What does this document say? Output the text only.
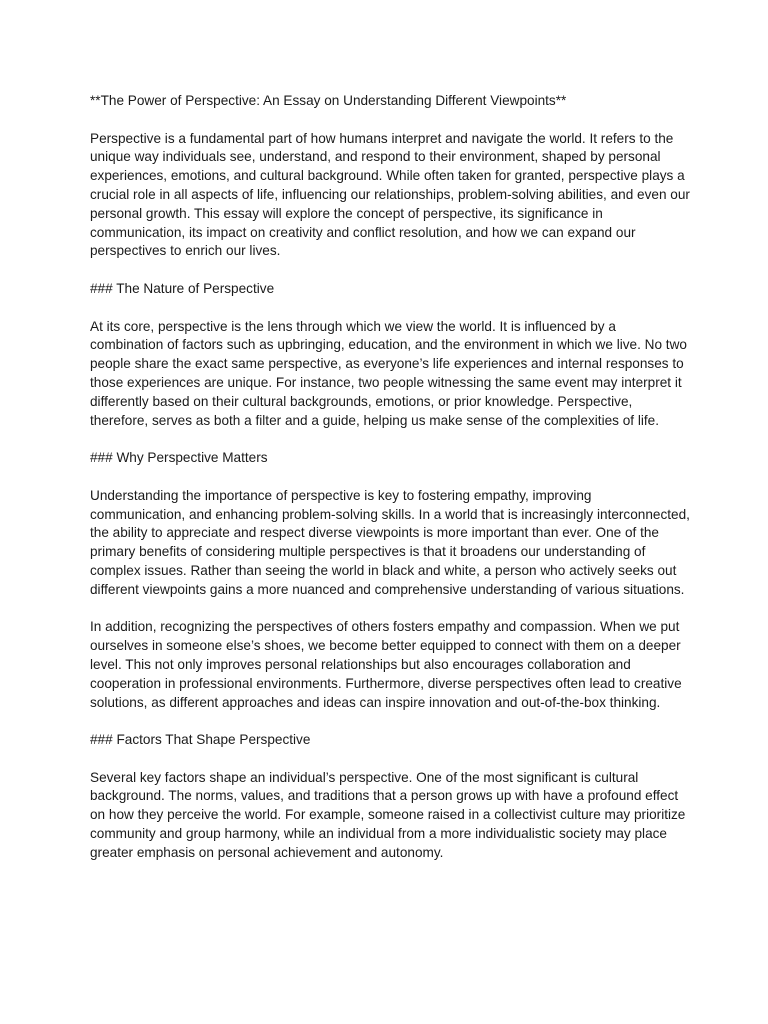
**The Power of Perspective: An Essay on Understanding Different Viewpoints**

Perspective is a fundamental part of how humans interpret and navigate the world. It refers to the unique way individuals see, understand, and respond to their environment, shaped by personal experiences, emotions, and cultural background. While often taken for granted, perspective plays a crucial role in all aspects of life, influencing our relationships, problem-solving abilities, and even our personal growth. This essay will explore the concept of perspective, its significance in communication, its impact on creativity and conflict resolution, and how we can expand our perspectives to enrich our lives.

### The Nature of Perspective

At its core, perspective is the lens through which we view the world. It is influenced by a combination of factors such as upbringing, education, and the environment in which we live. No two people share the exact same perspective, as everyone’s life experiences and internal responses to those experiences are unique. For instance, two people witnessing the same event may interpret it differently based on their cultural backgrounds, emotions, or prior knowledge. Perspective, therefore, serves as both a filter and a guide, helping us make sense of the complexities of life.

### Why Perspective Matters

Understanding the importance of perspective is key to fostering empathy, improving communication, and enhancing problem-solving skills. In a world that is increasingly interconnected, the ability to appreciate and respect diverse viewpoints is more important than ever. One of the primary benefits of considering multiple perspectives is that it broadens our understanding of complex issues. Rather than seeing the world in black and white, a person who actively seeks out different viewpoints gains a more nuanced and comprehensive understanding of various situations.

In addition, recognizing the perspectives of others fosters empathy and compassion. When we put ourselves in someone else’s shoes, we become better equipped to connect with them on a deeper level. This not only improves personal relationships but also encourages collaboration and cooperation in professional environments. Furthermore, diverse perspectives often lead to creative solutions, as different approaches and ideas can inspire innovation and out-of-the-box thinking.

### Factors That Shape Perspective

Several key factors shape an individual’s perspective. One of the most significant is cultural background. The norms, values, and traditions that a person grows up with have a profound effect on how they perceive the world. For example, someone raised in a collectivist culture may prioritize community and group harmony, while an individual from a more individualistic society may place greater emphasis on personal achievement and autonomy.
